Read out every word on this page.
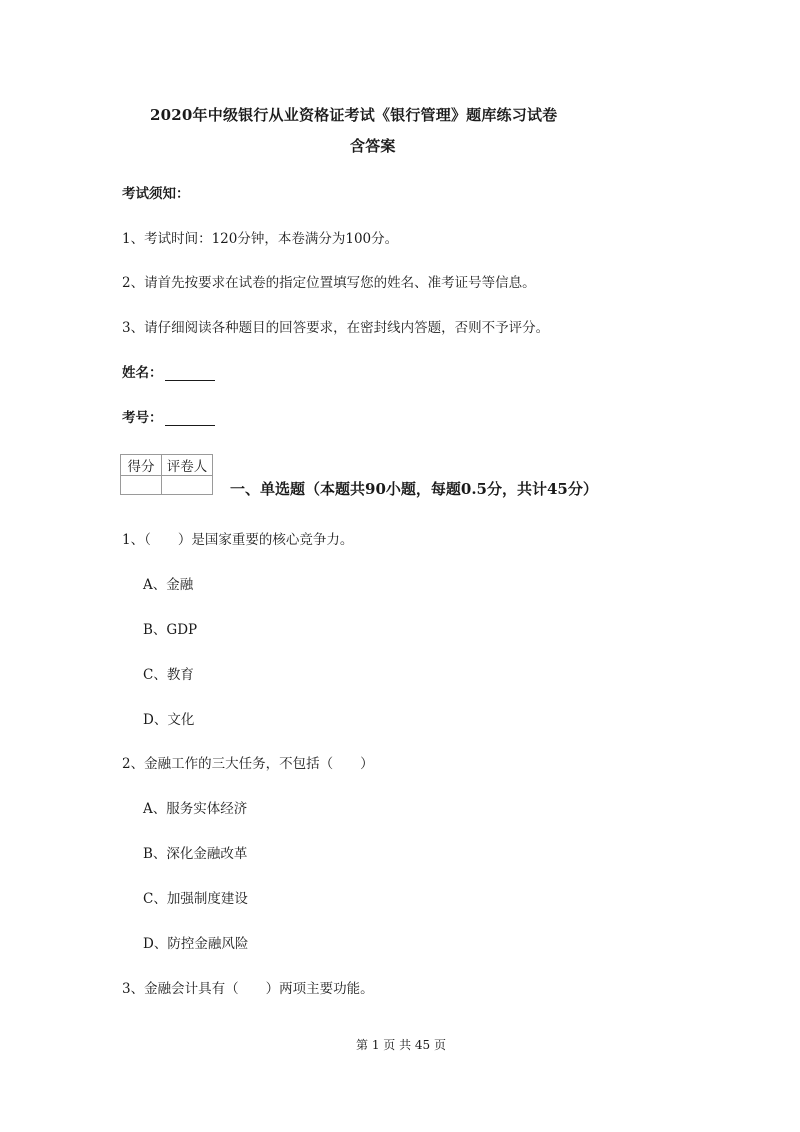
2020年中级银行从业资格证考试《银行管理》题库练习试卷
含答案
考试须知：
1、考试时间：120分钟，本卷满分为100分。
2、请首先按要求在试卷的指定位置填写您的姓名、准考证号等信息。
3、请仔细阅读各种题目的回答要求，在密封线内答题，否则不予评分。
姓名：
考号：
得分	评卷人

一、单选题（本题共90小题，每题0.5分，共计45分）
1、（　　）是国家重要的核心竞争力。
A、金融
B、GDP
C、教育
D、文化
2、金融工作的三大任务，不包括（　　）
A、服务实体经济
B、深化金融改革
C、加强制度建设
D、防控金融风险
3、金融会计具有（　　）两项主要功能。
第 1 页 共 45 页
